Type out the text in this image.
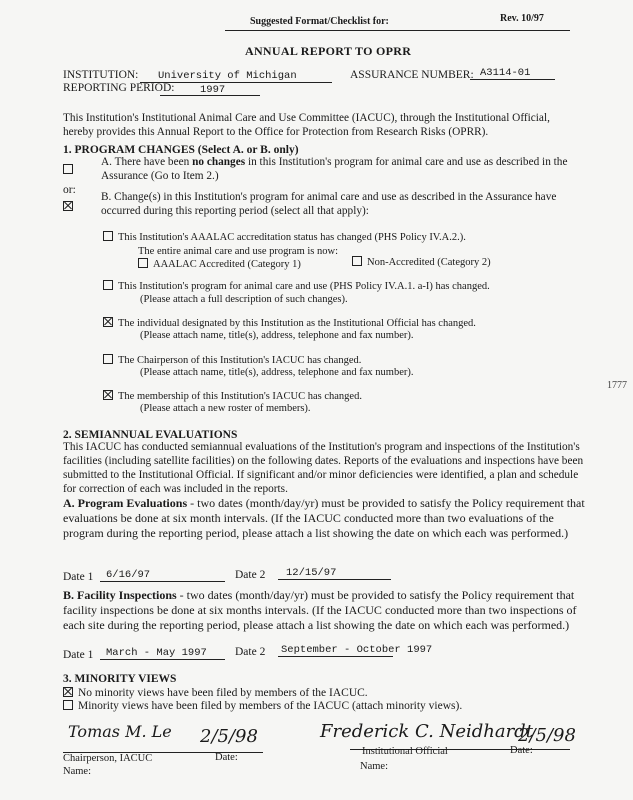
Suggested Format/Checklist for:	Rev. 10/97
ANNUAL REPORT TO OPRR
INSTITUTION: University of Michigan	ASSURANCE NUMBER: A3114-01
REPORTING PERIOD: 1997
This Institution's Institutional Animal Care and Use Committee (IACUC), through the Institutional Official, hereby provides this Annual Report to the Office for Protection from Research Risks (OPRR).
1. PROGRAM CHANGES (Select A. or B. only)
A. There have been no changes in this Institution's program for animal care and use as described in the Assurance (Go to Item 2.)
or:
B. Change(s) in this Institution's program for animal care and use as described in the Assurance have occurred during this reporting period (select all that apply):
This Institution's AAALAC accreditation status has changed (PHS Policy IV.A.2.).
The entire animal care and use program is now:
AAALAC Accredited (Category 1)	Non-Accredited (Category 2)
This Institution's program for animal care and use (PHS Policy IV.A.1. a-I) has changed.
(Please attach a full description of such changes).
The individual designated by this Institution as the Institutional Official has changed.
(Please attach name, title(s), address, telephone and fax number).
The Chairperson of this Institution's IACUC has changed.
(Please attach name, title(s), address, telephone and fax number).
The membership of this Institution's IACUC has changed.
(Please attach a new roster of members).
2. SEMIANNUAL EVALUATIONS
This IACUC has conducted semiannual evaluations of the Institution's program and inspections of the Institution's facilities (including satellite facilities) on the following dates. Reports of the evaluations and inspections have been submitted to the Institutional Official. If significant and/or minor deficiencies were identified, a plan and schedule for correction of each was included in the reports.
A. Program Evaluations - two dates (month/day/yr) must be provided to satisfy the Policy requirement that evaluations be done at six month intervals. (If the IACUC conducted more than two evaluations of the program during the reporting period, please attach a list showing the date on which each was performed.)
Date 1 6/16/97	Date 2 12/15/97
B. Facility Inspections - two dates (month/day/yr) must be provided to satisfy the Policy requirement that facility inspections be done at six months intervals. (If the IACUC conducted more than two inspections of each site during the reporting period, please attach a list showing the date on which each was performed.)
Date 1 March - May 1997 Date 2 September - October 1997
3. MINORITY VIEWS
No minority views have been filed by members of the IACUC.
Minority views have been filed by members of the IACUC (attach minority views).
Tomas M. Le 2/5/98
Chairperson, IACUC	Date:
Name:
Frederick C. Neidhardt
2/5/98
Institutional Official	Date:
Name:
1777
